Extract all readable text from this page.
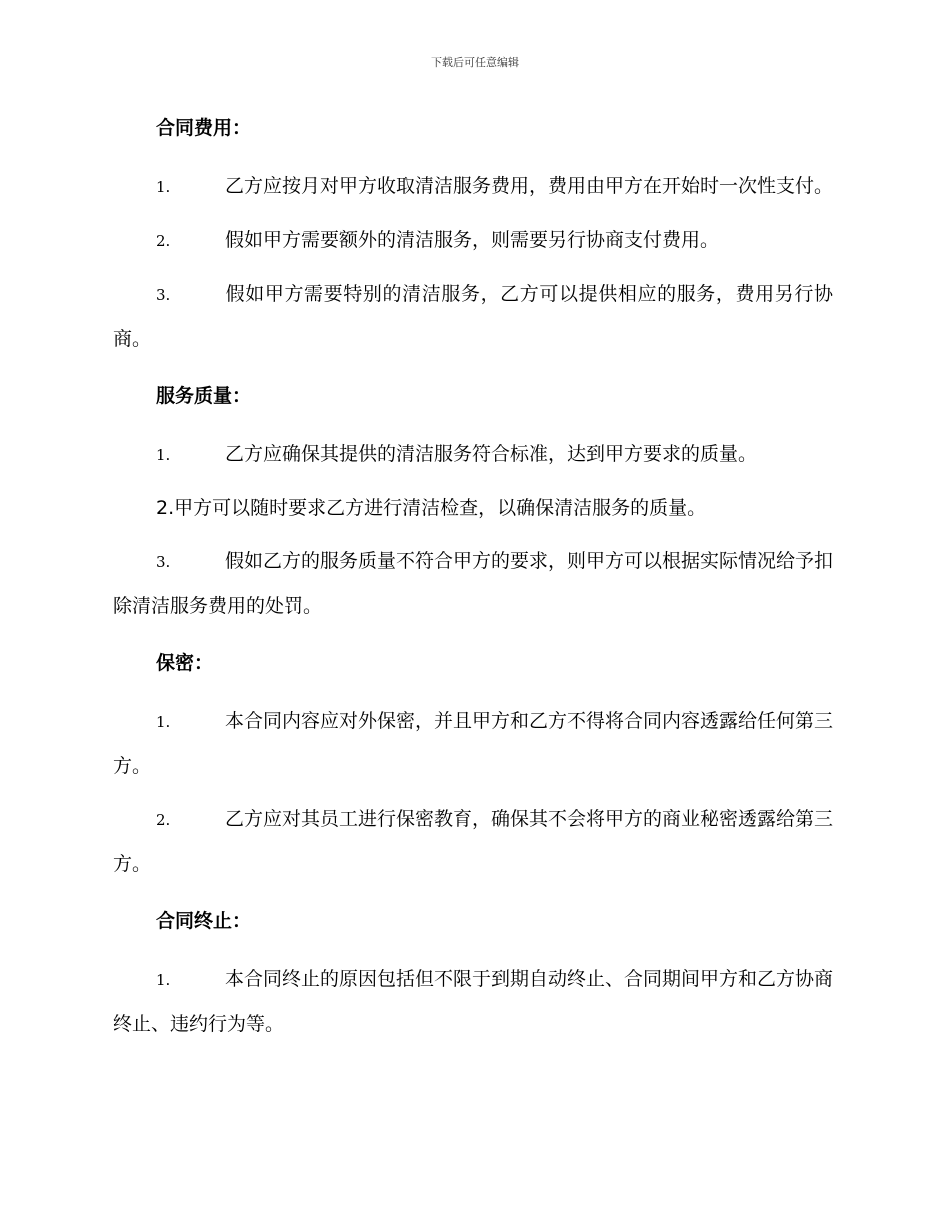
下载后可任意编辑
合同费用：
1.	乙方应按月对甲方收取清洁服务费用，费用由甲方在开始时一次性支付。
2.	假如甲方需要额外的清洁服务，则需要另行协商支付费用。
3.	假如甲方需要特别的清洁服务，乙方可以提供相应的服务，费用另行协商。
服务质量：
1.	乙方应确保其提供的清洁服务符合标准，达到甲方要求的质量。
2.甲方可以随时要求乙方进行清洁检查，以确保清洁服务的质量。
3.	假如乙方的服务质量不符合甲方的要求，则甲方可以根据实际情况给予扣除清洁服务费用的处罚。
保密：
1.	本合同内容应对外保密，并且甲方和乙方不得将合同内容透露给任何第三方。
2.	乙方应对其员工进行保密教育，确保其不会将甲方的商业秘密透露给第三方。
合同终止：
1.	本合同终止的原因包括但不限于到期自动终止、合同期间甲方和乙方协商终止、违约行为等。
